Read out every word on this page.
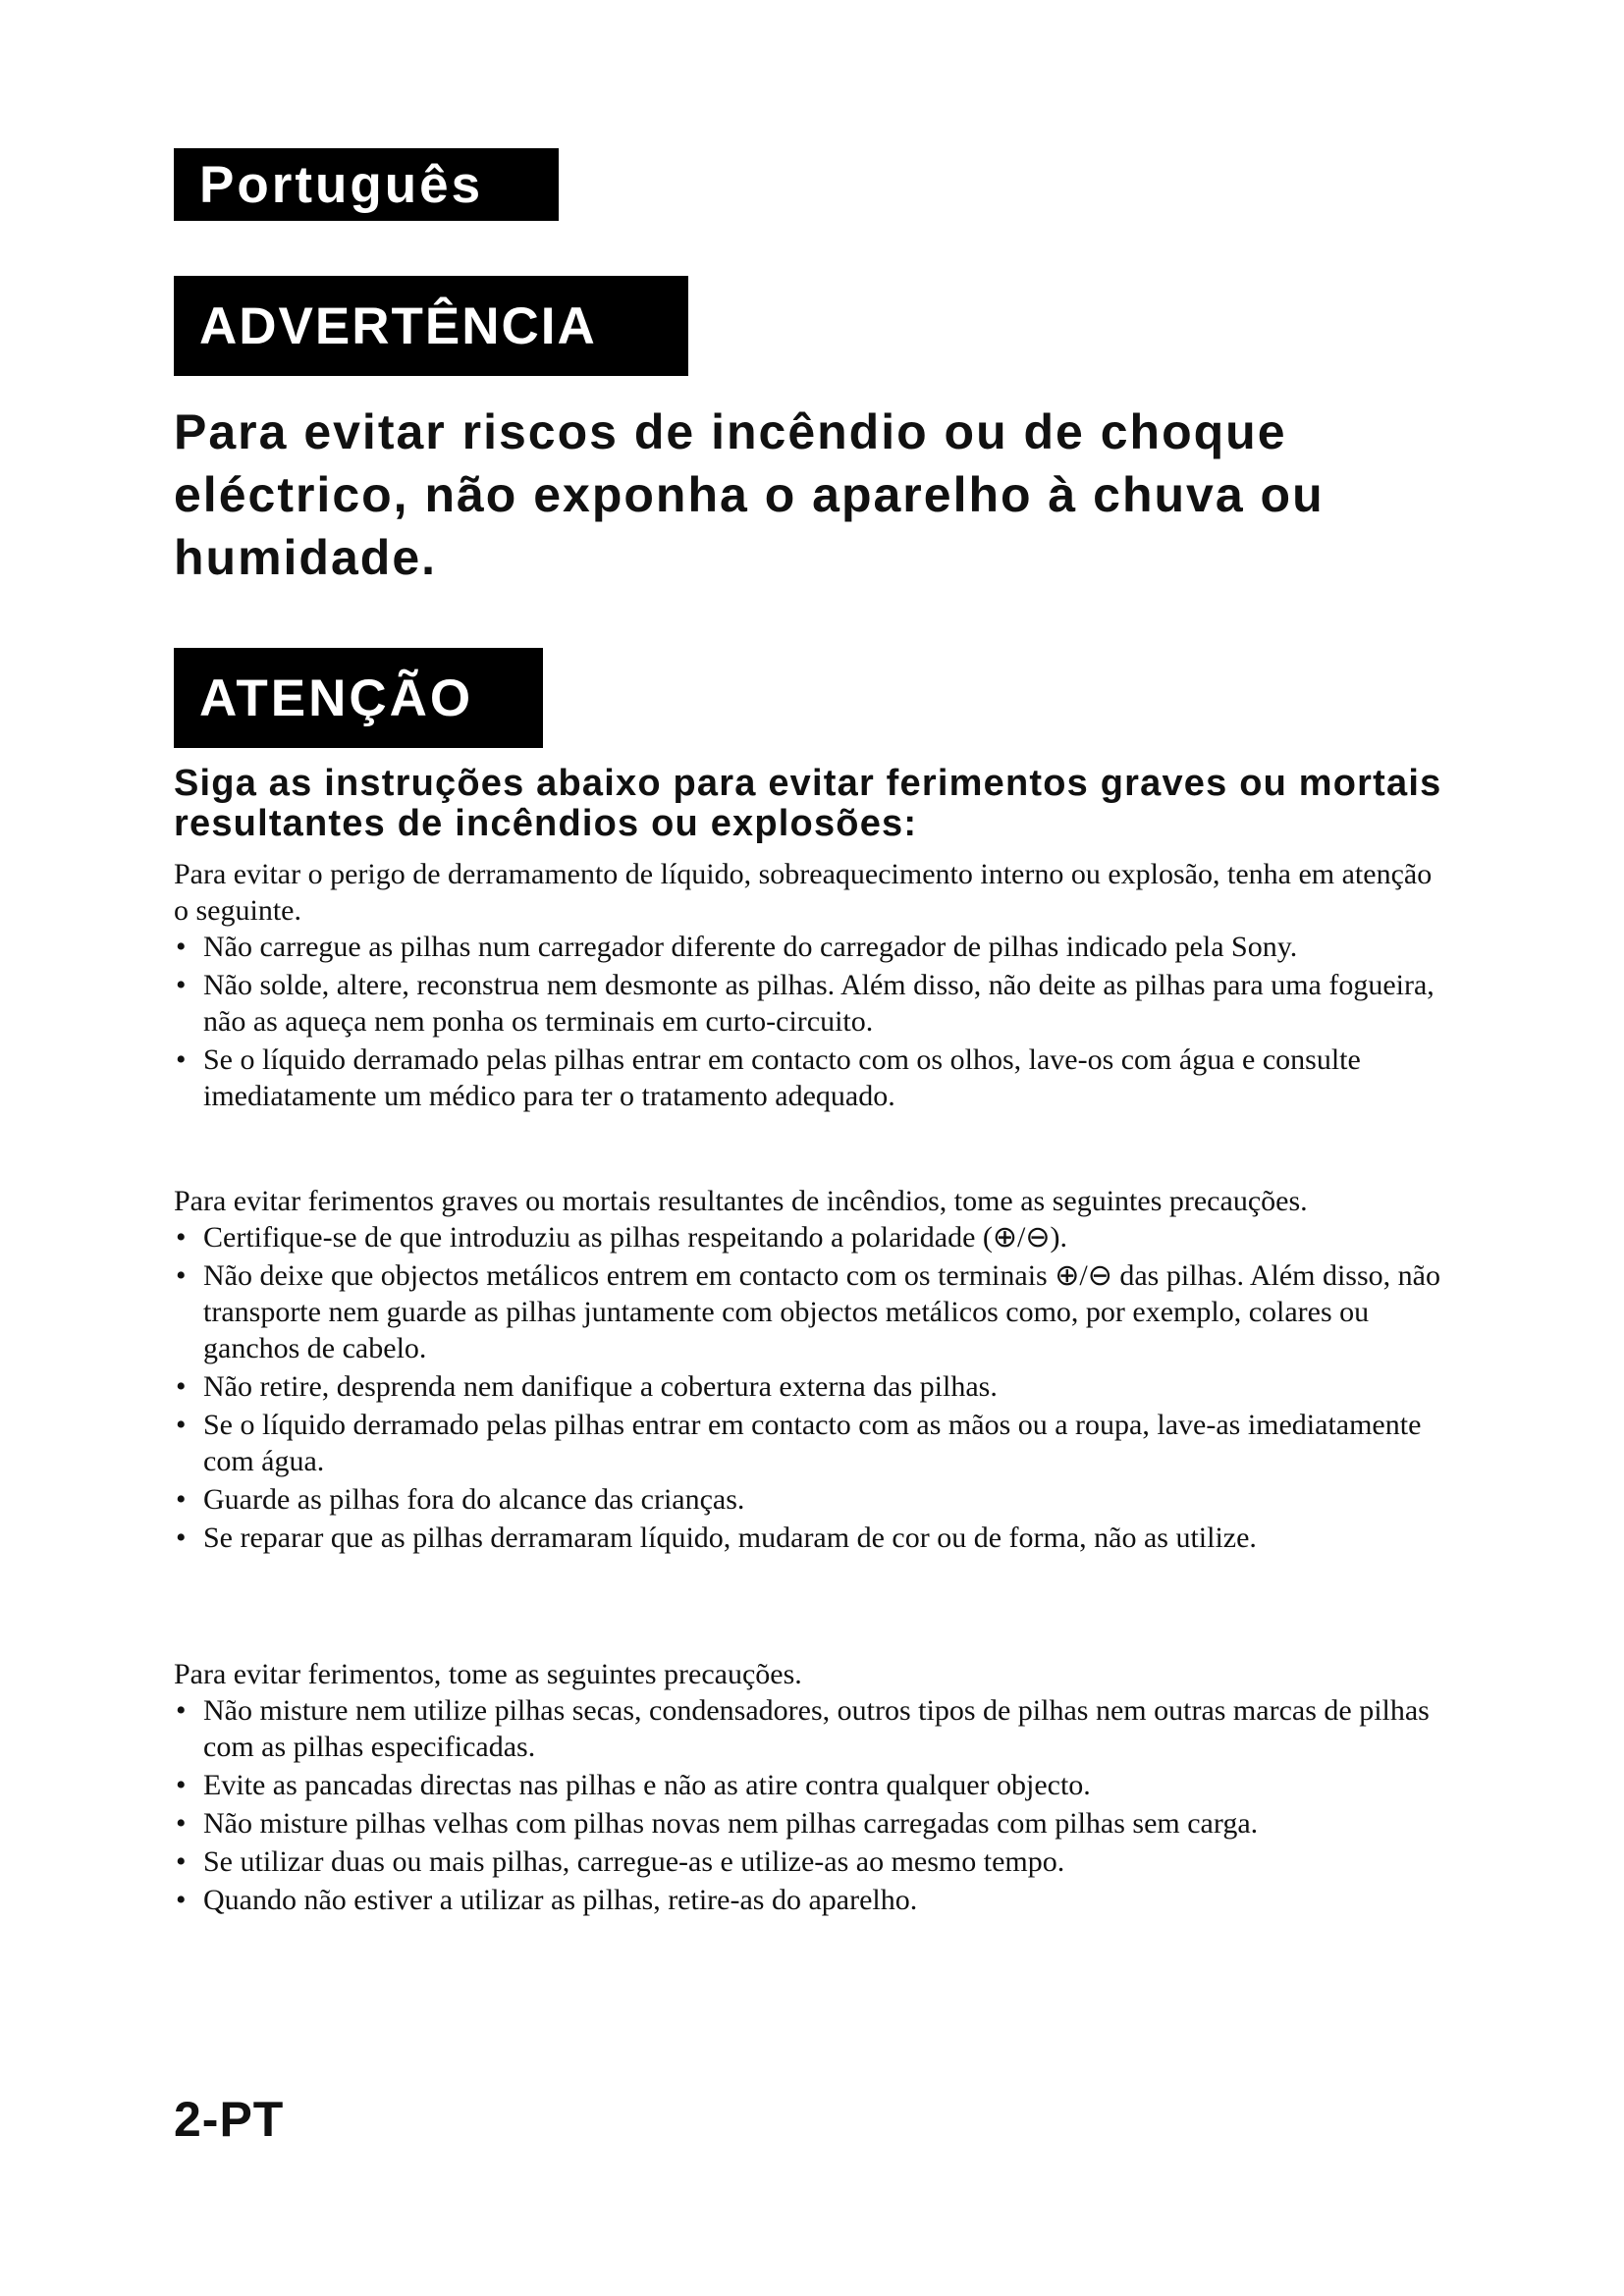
Português
ADVERTÊNCIA
Para evitar riscos de incêndio ou de choque eléctrico, não exponha o aparelho à chuva ou humidade.
ATENÇÃO
Siga as instruções abaixo para evitar ferimentos graves ou mortais resultantes de incêndios ou explosões:

Para evitar o perigo de derramamento de líquido, sobreaquecimento interno ou explosão, tenha em atenção o seguinte.

• Não carregue as pilhas num carregador diferente do carregador de pilhas indicado pela Sony.
• Não solde, altere, reconstrua nem desmonte as pilhas. Além disso, não deite as pilhas para uma fogueira, não as aqueça nem ponha os terminais em curto-circuito.
• Se o líquido derramado pelas pilhas entrar em contacto com os olhos, lave-os com água e consulte imediatamente um médico para ter o tratamento adequado.

Para evitar ferimentos graves ou mortais resultantes de incêndios, tome as seguintes precauções.

• Certifique-se de que introduziu as pilhas respeitando a polaridade (⊕/⊖).
• Não deixe que objectos metálicos entrem em contacto com os terminais ⊕/⊖ das pilhas. Além disso, não transporte nem guarde as pilhas juntamente com objectos metálicos como, por exemplo, colares ou ganchos de cabelo.
• Não retire, desprenda nem danifique a cobertura externa das pilhas.
• Se o líquido derramado pelas pilhas entrar em contacto com as mãos ou a roupa, lave-as imediatamente com água.
• Guarde as pilhas fora do alcance das crianças.
• Se reparar que as pilhas derramaram líquido, mudaram de cor ou de forma, não as utilize.

Para evitar ferimentos, tome as seguintes precauções.

• Não misture nem utilize pilhas secas, condensadores, outros tipos de pilhas nem outras marcas de pilhas com as pilhas especificadas.
• Evite as pancadas directas nas pilhas e não as atire contra qualquer objecto.
• Não misture pilhas velhas com pilhas novas nem pilhas carregadas com pilhas sem carga.
• Se utilizar duas ou mais pilhas, carregue-as e utilize-as ao mesmo tempo.
• Quando não estiver a utilizar as pilhas, retire-as do aparelho.
2-PT
